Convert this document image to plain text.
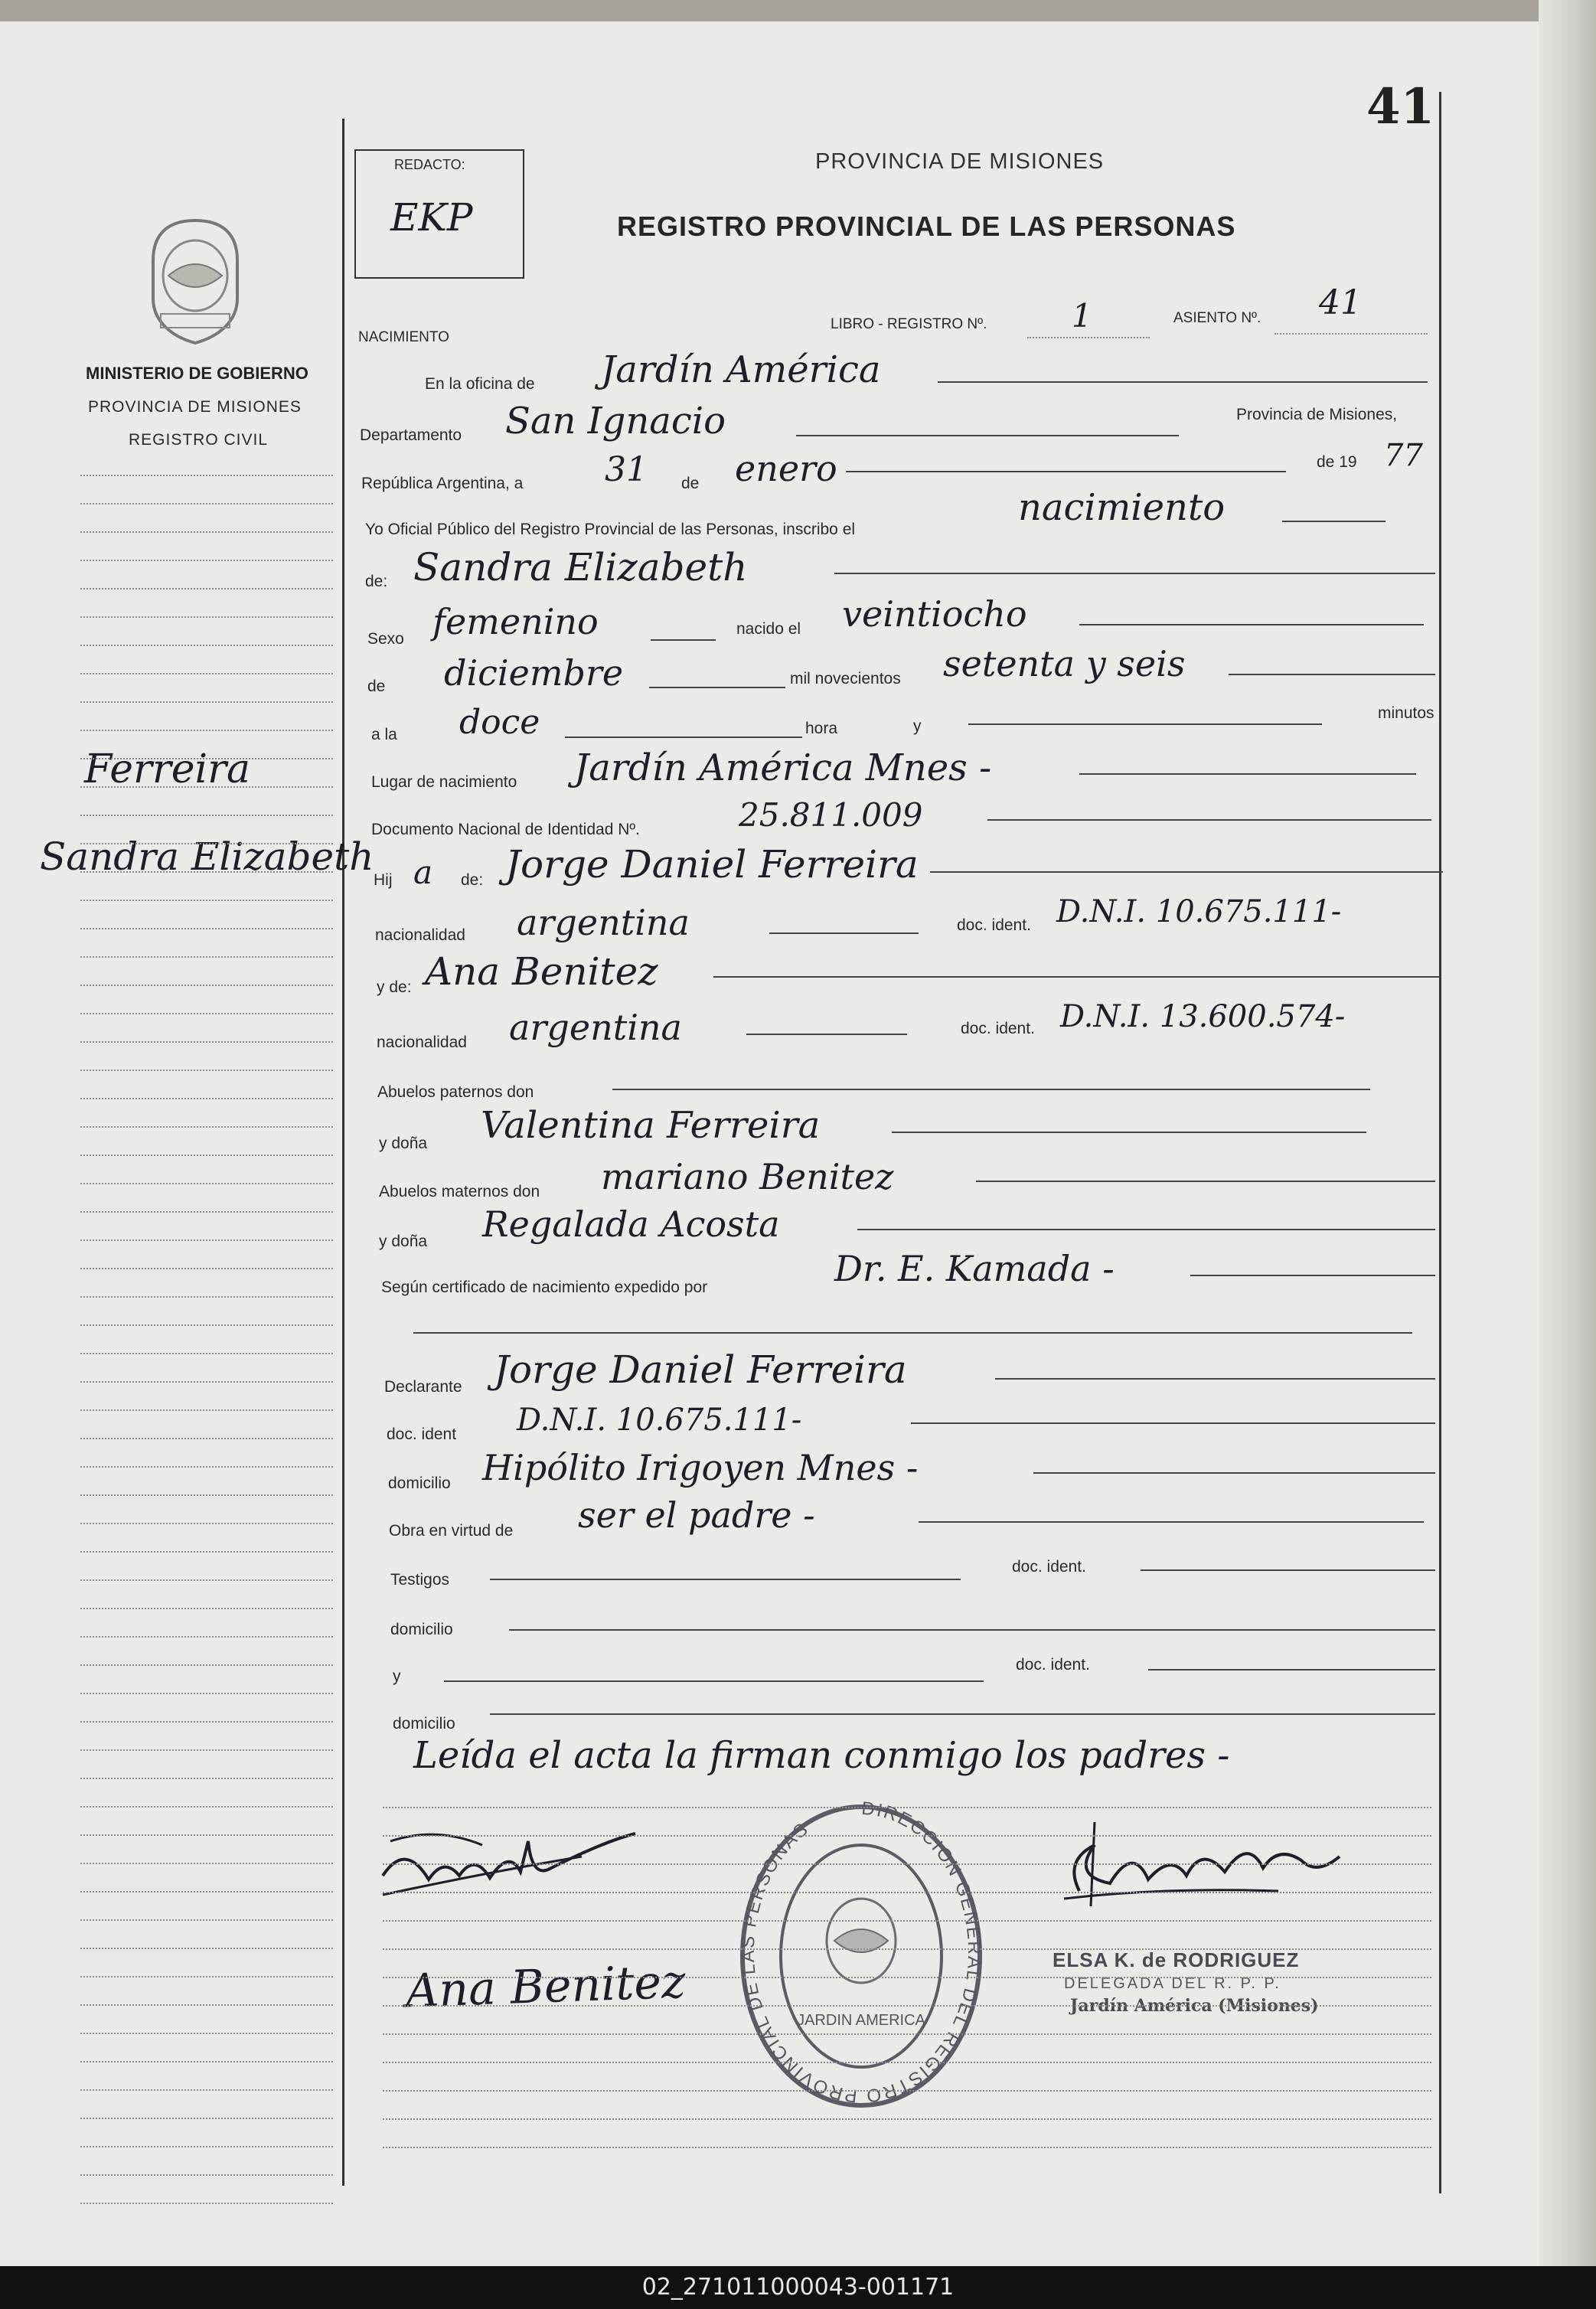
41
REDACTO:
EKP
PROVINCIA DE MISIONES
REGISTRO PROVINCIAL DE LAS PERSONAS
MINISTERIO DE GOBIERNO
PROVINCIA DE MISIONES
REGISTRO CIVIL
Ferreira
Sandra Elizabeth
NACIMIENTO
LIBRO - REGISTRO Nº.	1	ASIENTO Nº. 41
En la oficina de Jardín América
Departamento San Ignacio	Provincia de Misiones,
República Argentina, a 31 de enero	de 19 77
Yo Oficial Público del Registro Provincial de las Personas, inscribo el
nacimiento
de: Sandra Elizabeth
Sexo femenino	nacido el veintiocho
de diciembre	mil novecientos setenta y seis
a la doce	hora	y
minutos
Lugar de nacimiento Jardín América Mnes -
Documento Nacional de Identidad Nº.	25.811.009
Hij a de: Jorge Daniel Ferreira
nacionalidad argentina	doc. ident. D.N.I. 10.675.111-
y de: Ana Benitez
nacionalidad argentina	doc. ident. D.N.I. 13.600.574-
Abuelos paternos don
y doña Valentina Ferreira
Abuelos maternos don mariano Benitez
y doña Regalada Acosta
Según certificado de nacimiento expedido por	Dr. E. Kamada -
Declarante Jorge Daniel Ferreira
doc. ident D.N.I. 10.675.111-
domicilio Hipólito Irigoyen Mnes -
Obra en virtud de ser el padre -
Testigos
doc. ident.
domicilio
y
doc. ident.
domicilio
Leída el acta la firman conmigo los padres -
Ana Benitez
DIRECCION GENERAL DEL REGISTRO PROVINCIAL DE LAS PERSONAS
JARDIN AMERICA
ELSA K. de RODRIGUEZ
DELEGADA DEL R. P. P.
Jardín América (Misiones)
02_271011000043-001171
